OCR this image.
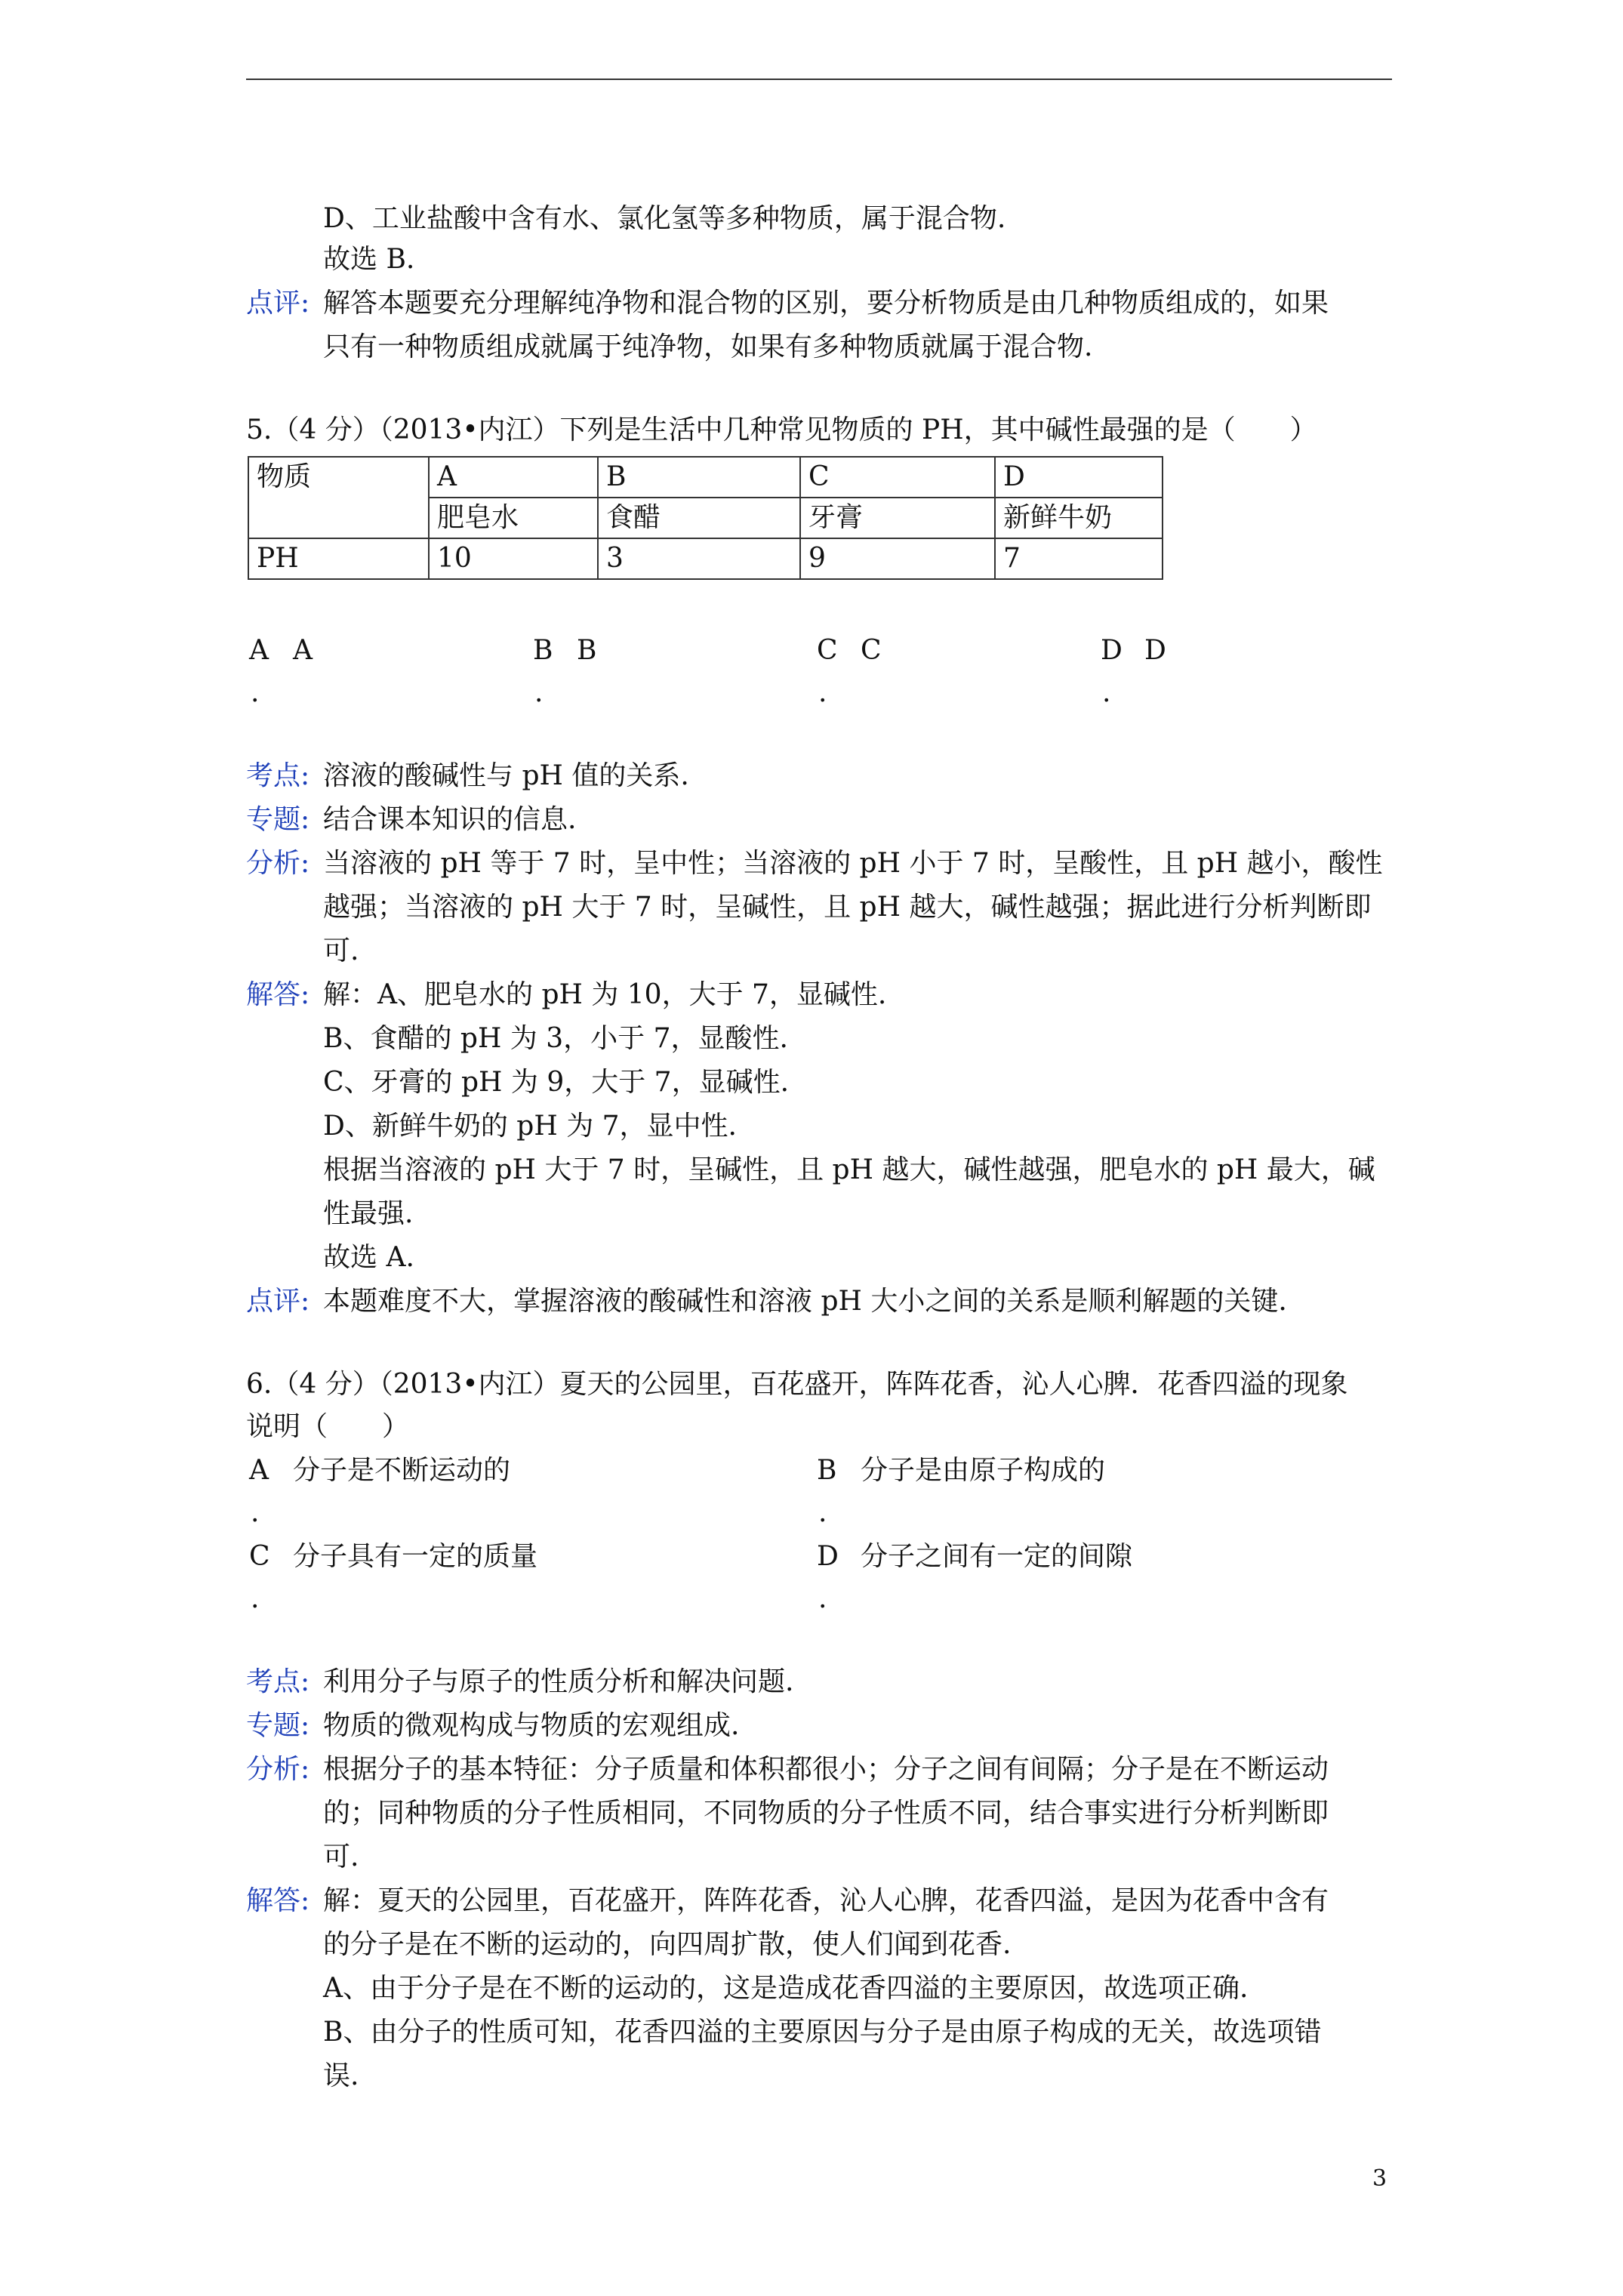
D、工业盐酸中含有水、氯化氢等多种物质，属于混合物.
故选 B.
点评: 解答本题要充分理解纯净物和混合物的区别，要分析物质是由几种物质组成的，如果
只有一种物质组成就属于纯净物，如果有多种物质就属于混合物.
5.（4 分）（2013•内江）下列是生活中几种常见物质的 PH，其中碱性最强的是（　　）
物质	A	B	C	D
	肥皂水	食醋	牙膏	新鲜牛奶
PH	10	3	9	7
A A
.
B B
.
C C
.
D D
.
考点: 溶液的酸碱性与 pH 值的关系.
专题: 结合课本知识的信息.
分析: 当溶液的 pH 等于 7 时，呈中性；当溶液的 pH 小于 7 时，呈酸性，且 pH 越小，酸性
越强；当溶液的 pH 大于 7 时，呈碱性，且 pH 越大，碱性越强；据此进行分析判断即
可.
解答: 解：A、肥皂水的 pH 为 10，大于 7，显碱性.
B、食醋的 pH 为 3，小于 7，显酸性.
C、牙膏的 pH 为 9，大于 7，显碱性.
D、新鲜牛奶的 pH 为 7，显中性.
根据当溶液的 pH 大于 7 时，呈碱性，且 pH 越大，碱性越强，肥皂水的 pH 最大，碱
性最强.
故选 A.
点评: 本题难度不大，掌握溶液的酸碱性和溶液 pH 大小之间的关系是顺利解题的关键.
6.（4 分）（2013•内江）夏天的公园里，百花盛开，阵阵花香，沁人心脾．花香四溢的现象
说明（　　）
A 分子是不断运动的
.
B 分子是由原子构成的
.
C 分子具有一定的质量
.
D 分子之间有一定的间隙
.
考点: 利用分子与原子的性质分析和解决问题.
专题: 物质的微观构成与物质的宏观组成.
分析: 根据分子的基本特征：分子质量和体积都很小；分子之间有间隔；分子是在不断运动
的；同种物质的分子性质相同，不同物质的分子性质不同，结合事实进行分析判断即
可.
解答: 解：夏天的公园里，百花盛开，阵阵花香，沁人心脾，花香四溢，是因为花香中含有
的分子是在不断的运动的，向四周扩散，使人们闻到花香.
A、由于分子是在不断的运动的，这是造成花香四溢的主要原因，故选项正确.
B、由分子的性质可知，花香四溢的主要原因与分子是由原子构成的无关，故选项错
误.
3
